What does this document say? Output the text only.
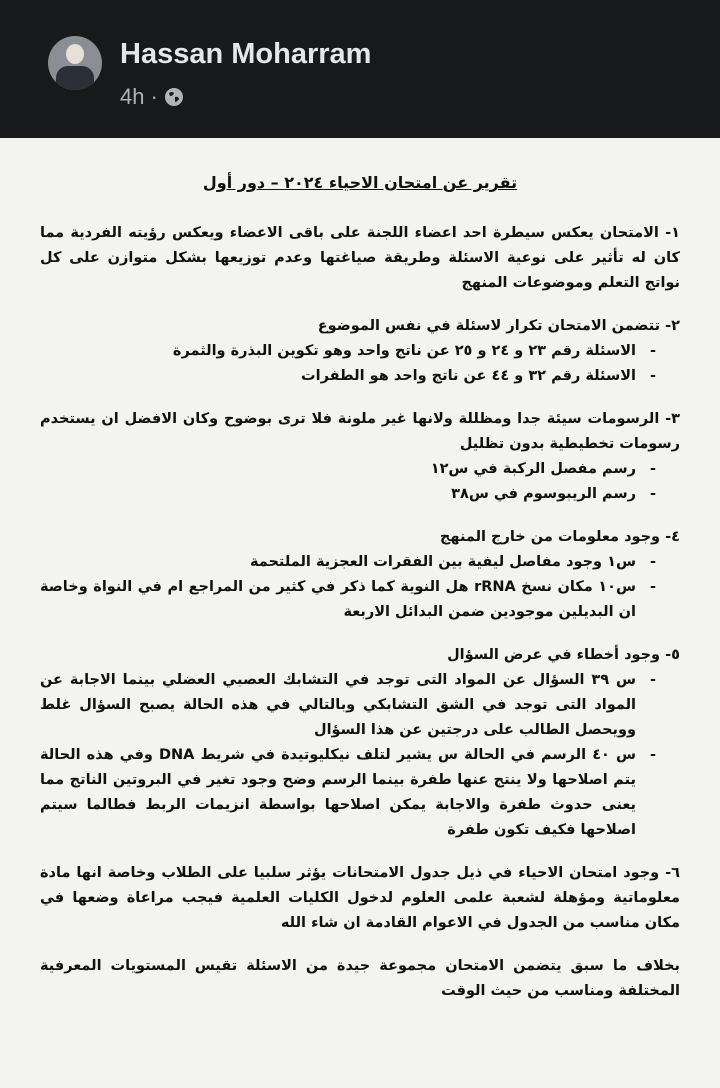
Hassan Moharram
4h ·
تقرير عن امتحان الاحياء ٢٠٢٤ – دور أول
١- الامتحان يعكس سيطرة احد اعضاء اللجنة على باقى الاعضاء ويعكس رؤيته الفردية مما كان له تأثير على نوعية الاسئلة وطريقة صياغتها وعدم توزيعها بشكل متوازن على كل نواتج التعلم وموضوعات المنهج
٢- تتضمن الامتحان تكرار لاسئلة في نفس الموضوع
- الاسئلة رقم ٢٣ و ٢٤ و ٢٥ عن ناتج واحد وهو تكوين البذرة والثمرة
- الاسئلة رقم ٣٢ و ٤٤ عن ناتج واحد هو الطفرات
٣- الرسومات سيئة جدا ومظللة ولانها غير ملونة فلا ترى بوضوح وكان الافضل ان يستخدم رسومات تخطيطية بدون تظليل
- رسم مفصل الركبة في س١٢
- رسم الريبوسوم في س٣٨
٤- وجود معلومات من خارج المنهج
- س١ وجود مفاصل ليفية بين الفقرات العجزية الملتحمة
- س١٠ مكان نسخ rRNA هل النوية كما ذكر في كثير من المراجع ام في النواة وخاصة ان البديلين موجودين ضمن البدائل الاربعة
٥- وجود أخطاء في عرض السؤال
- س ٣٩ السؤال عن المواد التى توجد في التشابك العصبي العضلي بينما الاجابة عن المواد التى توجد في الشق التشابكي وبالتالي في هذه الحالة يصبح السؤال غلط وويحصل الطالب على درجتين عن هذا السؤال
- س ٤٠ الرسم في الحالة س يشير لتلف نيكليوتيدة في شريط DNA وفي هذه الحالة يتم اصلاحها ولا ينتج عنها طفرة بينما الرسم وضح وجود تغير في البروتين الناتج مما يعنى حدوث طفرة والاجابة يمكن اصلاحها بواسطة انزيمات الربط فطالما سيتم اصلاحها فكيف تكون طفرة
٦- وجود امتحان الاحياء في ذيل جدول الامتحانات يؤثر سلبيا على الطلاب وخاصة انها مادة معلوماتية ومؤهلة لشعبة علمى العلوم لدخول الكليات العلمية فيجب مراعاة وضعها في مكان مناسب من الجدول في الاعوام القادمة ان شاء الله
بخلاف ما سبق يتضمن الامتحان مجموعة جيدة من الاسئلة تقيس المستويات المعرفية المختلفة ومناسب من حيث الوقت
